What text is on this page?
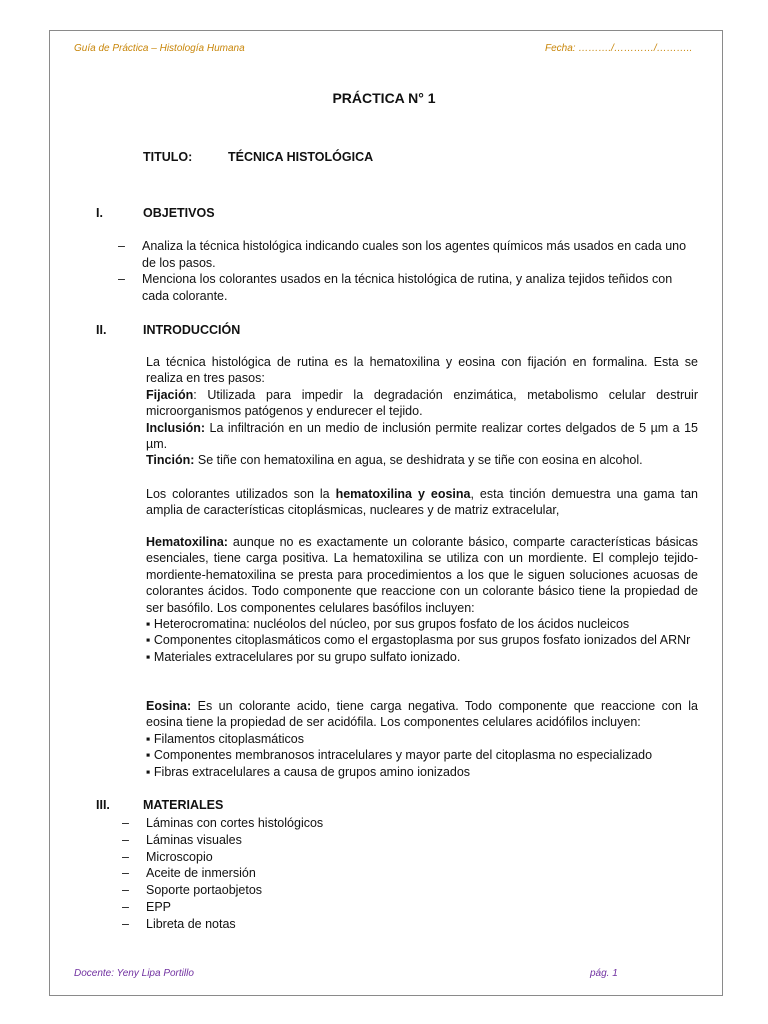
Guía de Práctica – Histología Humana	Fecha: ………./…………/………..
PRÁCTICA N° 1
TITULO:	TÉCNICA HISTOLÓGICA
I.	OBJETIVOS
– Analiza la técnica histológica indicando cuales son los agentes químicos más usados en cada uno de los pasos.
– Menciona los colorantes usados en la técnica histológica de rutina, y analiza tejidos teñidos con cada colorante.
II.	INTRODUCCIÓN

La técnica histológica de rutina es la hematoxilina y eosina con fijación en formalina. Esta se realiza en tres pasos:

Fijación: Utilizada para impedir la degradación enzimática, metabolismo celular destruir microorganismos patógenos y endurecer el tejido.

Inclusión: La infiltración en un medio de inclusión permite realizar cortes delgados de 5 µm a 15 µm.

Tinción: Se tiñe con hematoxilina en agua, se deshidrata y se tiñe con eosina en alcohol.

Los colorantes utilizados son la hematoxilina y eosina, esta tinción demuestra una gama tan amplia de características citoplásmicas, nucleares y de matriz extracelular,

Hematoxilina: aunque no es exactamente un colorante básico, comparte características básicas esenciales, tiene carga positiva. La hematoxilina se utiliza con un mordiente. El complejo tejido-mordiente-hematoxilina se presta para procedimientos a los que le siguen soluciones acuosas de colorantes ácidos. Todo componente que reaccione con un colorante básico tiene la propiedad de ser basófilo. Los componentes celulares basófilos incluyen:

▪ Heterocromatina: nucléolos del núcleo, por sus grupos fosfato de los ácidos nucleicos

▪ Componentes citoplasmáticos como el ergastoplasma por sus grupos fosfato ionizados del ARNr

▪ Materiales extracelulares por su grupo sulfato ionizado.

Eosina: Es un colorante acido, tiene carga negativa. Todo componente que reaccione con la eosina tiene la propiedad de ser acidófila. Los componentes celulares acidófilos incluyen:

▪ Filamentos citoplasmáticos

▪ Componentes membranosos intracelulares y mayor parte del citoplasma no especializado

▪ Fibras extracelulares a causa de grupos amino ionizados

III.	MATERIALES
– Láminas con cortes histológicos
– Láminas visuales
– Microscopio
– Aceite de inmersión
– Soporte portaobjetos
– EPP
– Libreta de notas
Docente: Yeny Lipa Portillo	pág. 1
